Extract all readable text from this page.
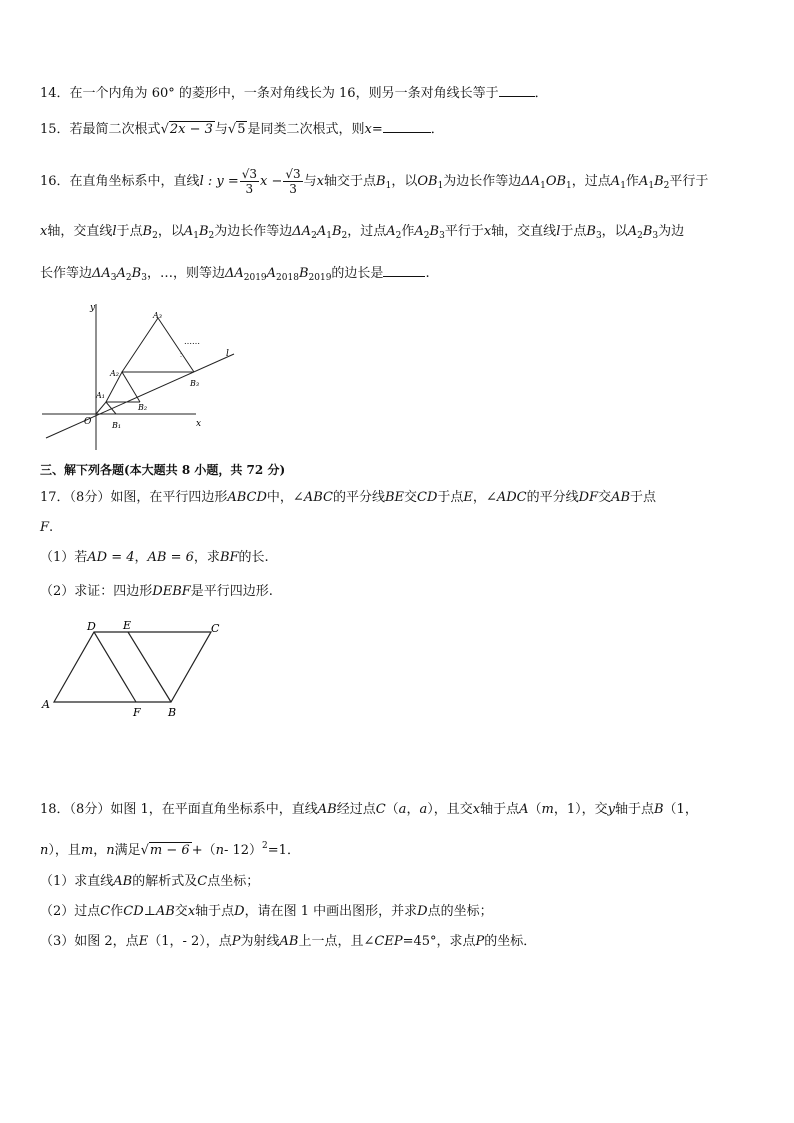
14．在一个内角为 60° 的菱形中，一条对角线长为 16，则另一条对角线长等于	．
15．若最简二次根式√2x − 3 与√5 是同类二次根式，则x=	．
16．在直角坐标系中，直线l : $y = \frac{√3}{3}$ $x - \frac{√3}{3}$ 与x轴交于点$B_1$，以$OB_1$为边长作等边$\Delta A_1OB_1$，过点$A_1$作$A_1B_2$平行于
x轴，交直线l于点$B_2$，以$A_1B_2$为边长作等边$\Delta A_2A_1B_2$，过点$A_2$作$A_2B_3$平行于x轴，交直线l于点$B_3$，以$A_2B_3$为边
长作等边$\Delta A_3A_2B_3$，…，则等边$\Delta A_{2019}A_{2018}B_{2019}$的边长是	.
y
x
O
l
A₁
A₂
A₃
B₁
B₂
B₃
……
三、解下列各题(本大题共 8 小题，共 72 分)
17．（8分）如图，在平行四边形ABCD中，∠ABC的平分线BE交CD于点E，∠ADC的平分线DF交AB于点
F.
（1）若AD = 4，AB = 6，求BF的长.
（2）求证：四边形DEBF是平行四边形.
D E	C
A
F B
18．（8分）如图 1，在平面直角坐标系中，直线AB经过点C（a，a），且交x轴于点A（m，1），交y轴于点B（1，
n），且m，n满足√m − 6 +（n- 12）$^2$=1．
（1）求直线AB的解析式及C点坐标；
（2）过点C作CD⊥AB交x轴于点D，请在图 1 中画出图形，并求D点的坐标；
（3）如图 2，点E（1，- 2），点P为射线AB上一点，且∠CEP=45°，求点P的坐标．
